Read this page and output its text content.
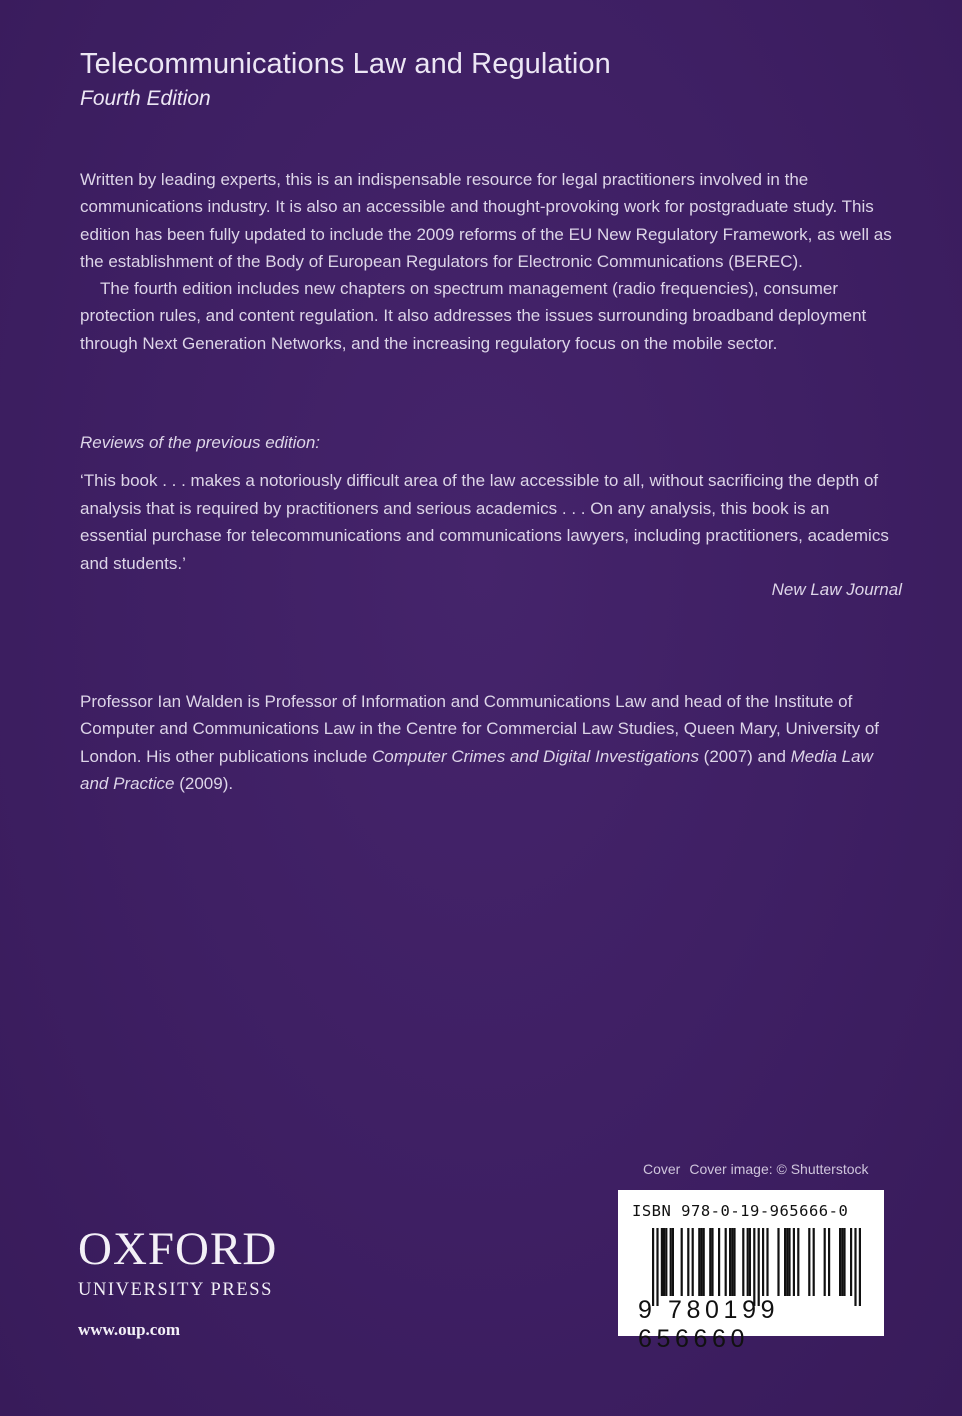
Telecommunications Law and Regulation
Fourth Edition

Written by leading experts, this is an indispensable resource for legal practitioners involved in the communications industry. It is also an accessible and thought-provoking work for postgraduate study. This edition has been fully updated to include the 2009 reforms of the EU New Regulatory Framework, as well as the establishment of the Body of European Regulators for Electronic Communications (BEREC).

The fourth edition includes new chapters on spectrum management (radio frequencies), consumer protection rules, and content regulation. It also addresses the issues surrounding broadband deployment through Next Generation Networks, and the increasing regulatory focus on the mobile sector.

Reviews of the previous edition:

‘This book . . . makes a notoriously difficult area of the law accessible to all, without sacrificing the depth of analysis that is required by practitioners and serious academics . . . On any analysis, this book is an essential purchase for telecommunications and communications lawyers, including practitioners, academics and students.’

New Law Journal

Professor Ian Walden is Professor of Information and Communications Law and head of the Institute of Computer and Communications Law in the Centre for Commercial Law Studies, Queen Mary, University of London. His other publications include Computer Crimes and Digital Investigations (2007) and Media Law and Practice (2009).

Cover Cover image: © Shutterstock
ISBN 978-0-19-965666-0
9 780199 656660
OXFORD
UNIVERSITY PRESS
www.oup.com
